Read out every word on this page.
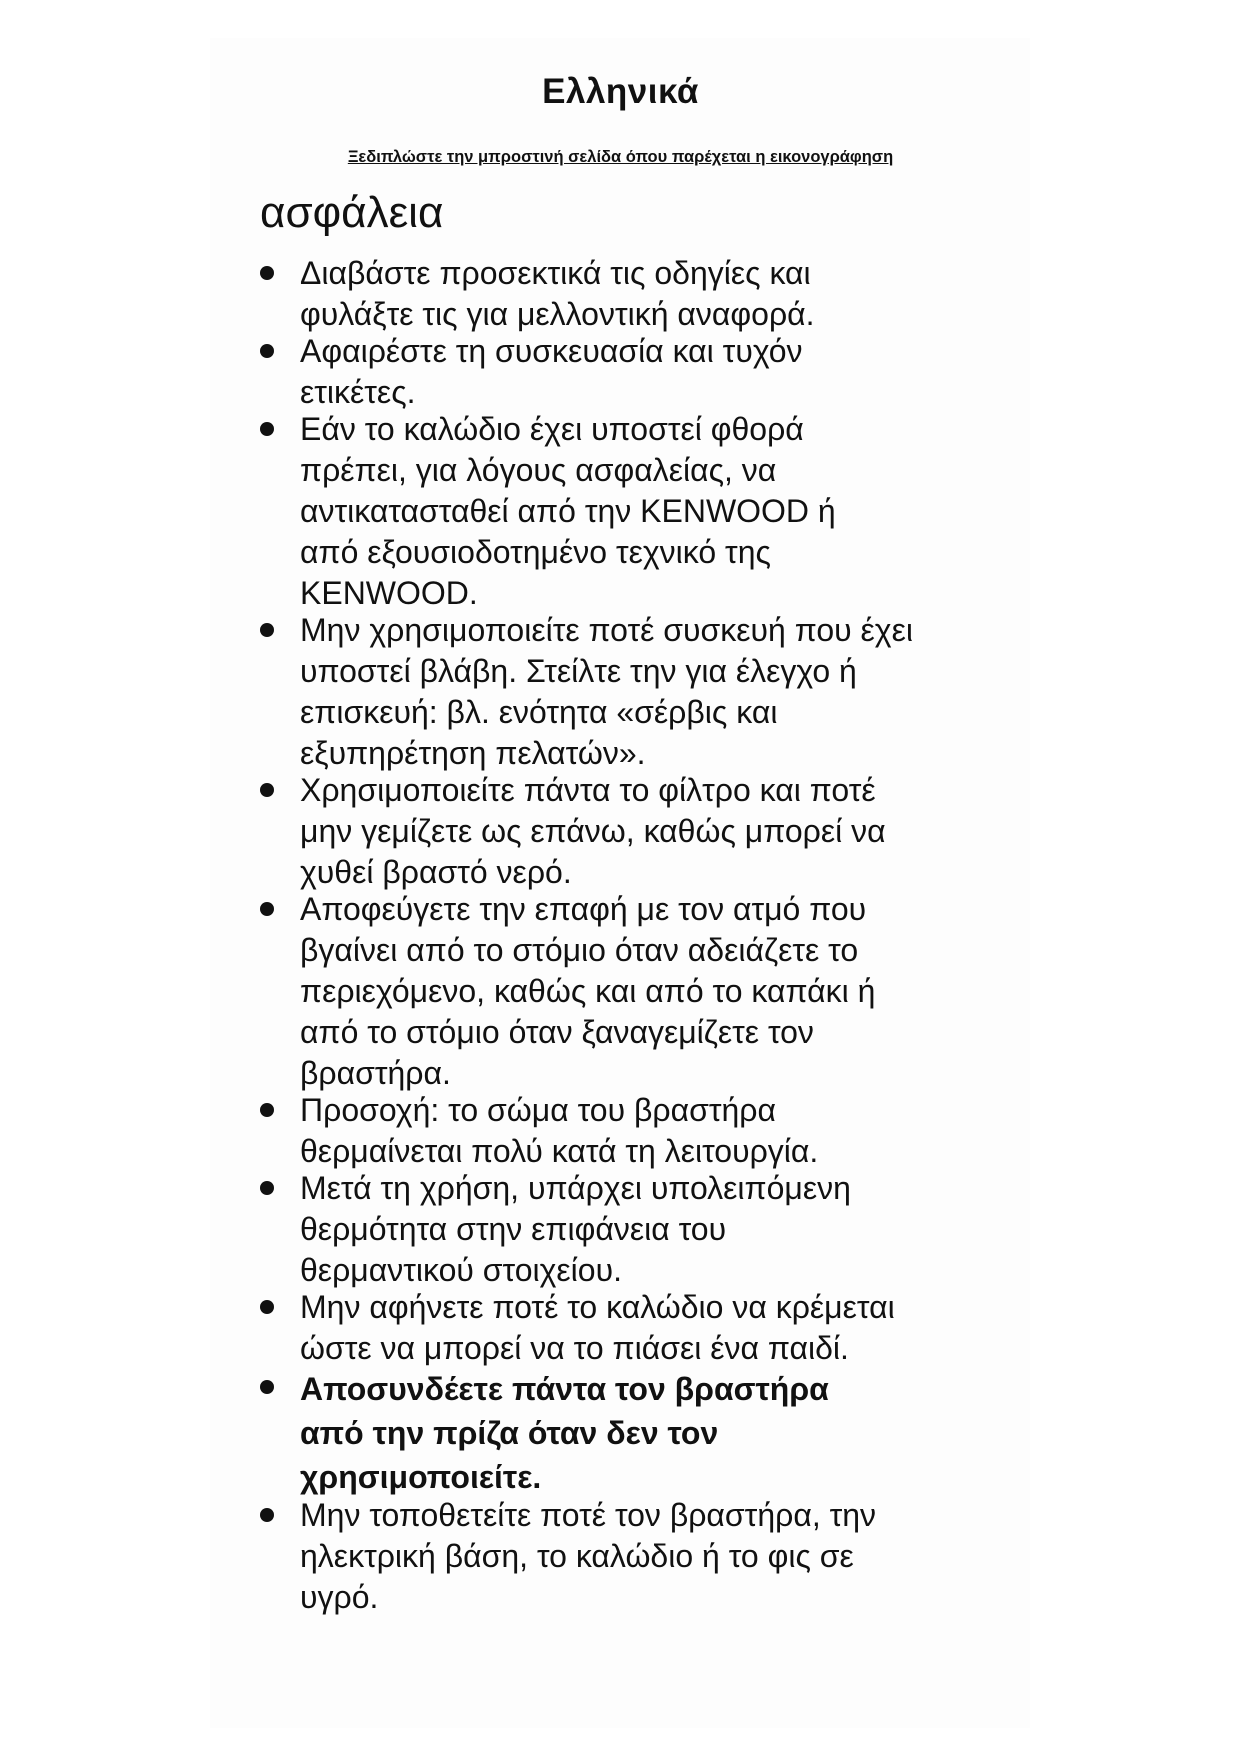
Ελληνικά

Ξεδιπλώστε την μπροστινή σελίδα όπου παρέχεται η εικονογράφηση

ασφάλεια
Διαβάστε προσεκτικά τις οδηγίες και φυλάξτε τις για μελλοντική αναφορά.
Αφαιρέστε τη συσκευασία και τυχόν ετικέτες.
Εάν το καλώδιο έχει υποστεί φθορά πρέπει, για λόγους ασφαλείας, να αντικατασταθεί από την KENWOOD ή από εξουσιοδοτημένο τεχνικό της KENWOOD.
Μην χρησιμοποιείτε ποτέ συσκευή που έχει υποστεί βλάβη. Στείλτε την για έλεγχο ή επισκευή: βλ. ενότητα «σέρβις και εξυπηρέτηση πελατών».
Χρησιμοποιείτε πάντα το φίλτρο και ποτέ μην γεμίζετε ως επάνω, καθώς μπορεί να χυθεί βραστό νερό.
Αποφεύγετε την επαφή με τον ατμό που βγαίνει από το στόμιο όταν αδειάζετε το περιεχόμενο, καθώς και από το καπάκι ή από το στόμιο όταν ξαναγεμίζετε τον βραστήρα.
Προσοχή: το σώμα του βραστήρα θερμαίνεται πολύ κατά τη λειτουργία.
Μετά τη χρήση, υπάρχει υπολειπόμενη θερμότητα στην επιφάνεια του θερμαντικού στοιχείου.
Μην αφήνετε ποτέ το καλώδιο να κρέμεται ώστε να μπορεί να το πιάσει ένα παιδί.
Αποσυνδέετε πάντα τον βραστήρα από την πρίζα όταν δεν τον χρησιμοποιείτε.
Μην τοποθετείτε ποτέ τον βραστήρα, την ηλεκτρική βάση, το καλώδιο ή το φις σε υγρό.
